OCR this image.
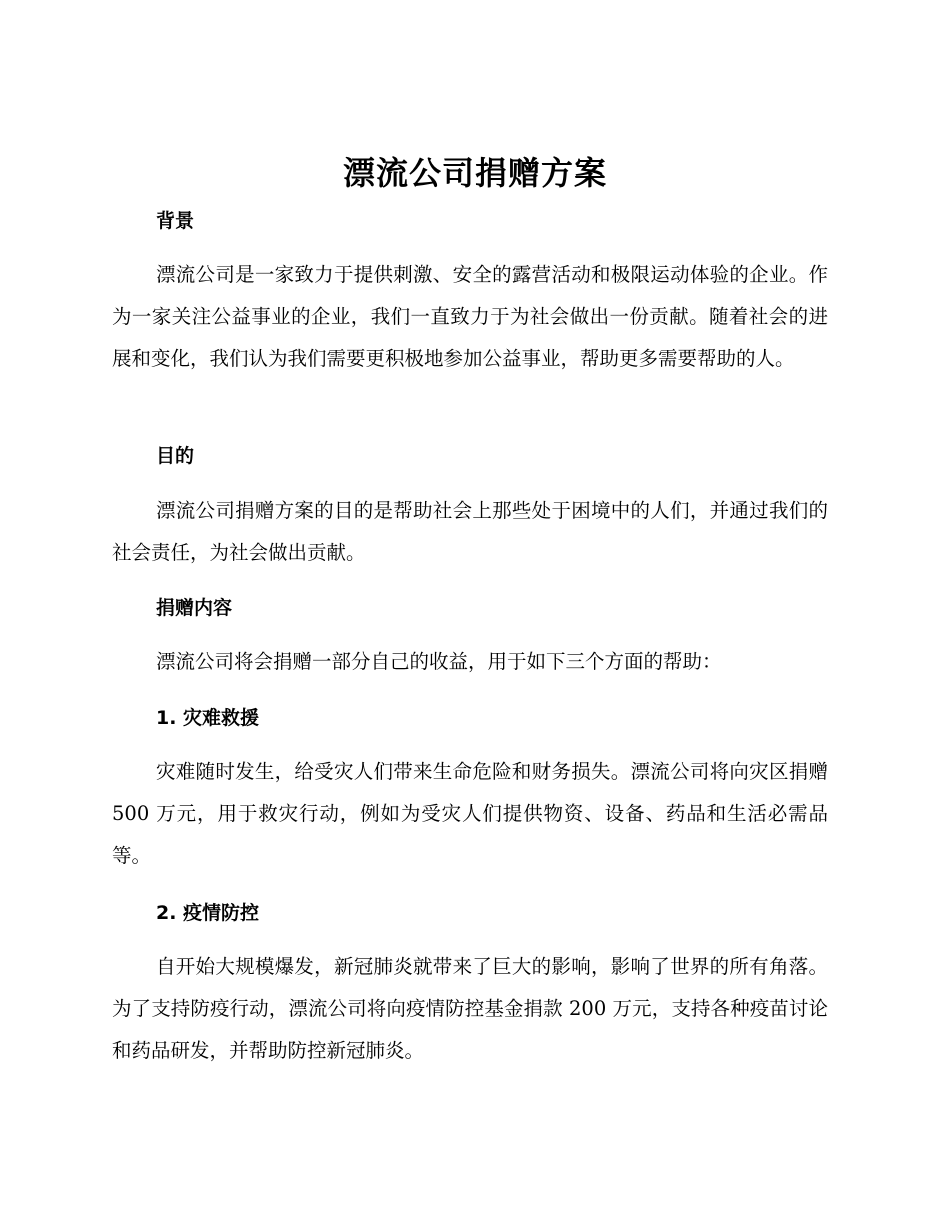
漂流公司捐赠方案
背景

漂流公司是一家致力于提供刺激、安全的露营活动和极限运动体验的企业。作为一家关注公益事业的企业，我们一直致力于为社会做出一份贡献。随着社会的进展和变化，我们认为我们需要更积极地参加公益事业，帮助更多需要帮助的人。

目的

漂流公司捐赠方案的目的是帮助社会上那些处于困境中的人们，并通过我们的社会责任，为社会做出贡献。

捐赠内容

漂流公司将会捐赠一部分自己的收益，用于如下三个方面的帮助：

1. 灾难救援

灾难随时发生，给受灾人们带来生命危险和财务损失。漂流公司将向灾区捐赠 500 万元，用于救灾行动，例如为受灾人们提供物资、设备、药品和生活必需品等。

2. 疫情防控

自开始大规模爆发，新冠肺炎就带来了巨大的影响，影响了世界的所有角落。为了支持防疫行动，漂流公司将向疫情防控基金捐款 200 万元，支持各种疫苗讨论和药品研发，并帮助防控新冠肺炎。
